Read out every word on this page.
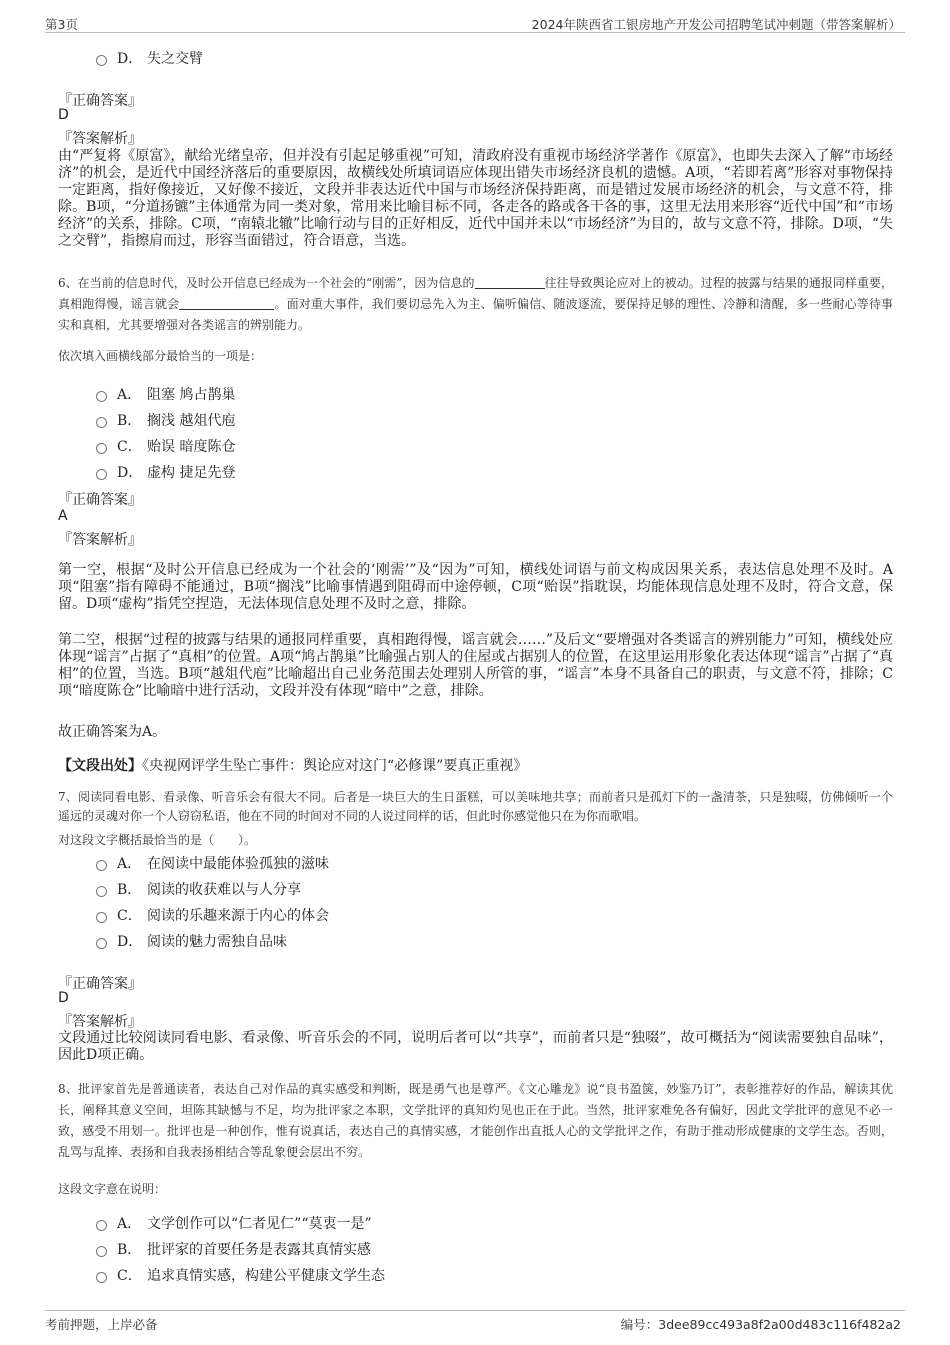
第3页	2024年陕西省工银房地产开发公司招聘笔试冲刺题（带答案解析）
D． 失之交臂
『正确答案』
D
『答案解析』

由“严复将《原富》，献给光绪皇帝，但并没有引起足够重视”可知，清政府没有重视市场经济学著作《原富》，也即失去深入了解“市场经济”的机会，是近代中国经济落后的重要原因，故横线处所填词语应体现出错失市场经济良机的遗憾。A项，“若即若离”形容对事物保持一定距离，指好像接近，又好像不接近，文段并非表达近代中国与市场经济保持距离，而是错过发展市场经济的机会，与文意不符，排除。B项，“分道扬镳”主体通常为同一类对象，常用来比喻目标不同，各走各的路或各干各的事，这里无法用来形容“近代中国”和“市场经济”的关系，排除。C项，“南辕北辙”比喻行动与目的正好相反，近代中国并未以“市场经济”为目的，故与文意不符，排除。D项，“失之交臂”，指擦肩而过，形容当面错过，符合语意，当选。

6、在当前的信息时代，及时公开信息已经成为一个社会的“刚需”，因为信息的	往往导致舆论应对上的被动。过程的披露与结果的通报同样重要，真相跑得慢，谣言就会	。面对重大事件，我们要切忌先入为主、偏听偏信、随波逐流，要保持足够的理性、冷静和清醒，多一些耐心等待事实和真相，尤其要增强对各类谣言的辨别能力。

依次填入画横线部分最恰当的一项是：
A． 阻塞 鸠占鹊巢
B． 搁浅 越俎代庖
C． 贻误 暗度陈仓
D． 虚构 捷足先登
『正确答案』
A
『答案解析』

第一空，根据“及时公开信息已经成为一个社会的‘刚需’”及“因为”可知，横线处词语与前文构成因果关系，表达信息处理不及时。A项“阻塞”指有障碍不能通过，B项“搁浅”比喻事情遇到阻碍而中途停顿，C项“贻误”指耽误，均能体现信息处理不及时，符合文意，保留。D项“虚构”指凭空捏造，无法体现信息处理不及时之意，排除。

第二空，根据“过程的披露与结果的通报同样重要，真相跑得慢，谣言就会……”及后文“要增强对各类谣言的辨别能力”可知，横线处应体现“谣言”占据了“真相”的位置。A项“鸠占鹊巢”比喻强占别人的住屋或占据别人的位置，在这里运用形象化表达体现“谣言”占据了“真相”的位置，当选。B项“越俎代庖”比喻超出自己业务范围去处理别人所管的事，“谣言”本身不具备自己的职责，与文意不符，排除；C项“暗度陈仓”比喻暗中进行活动，文段并没有体现“暗中”之意，排除。

故正确答案为A。
【文段出处】《央视网评学生坠亡事件：舆论应对这门“必修课”要真正重视》

7、阅读同看电影、看录像、听音乐会有很大不同。后者是一块巨大的生日蛋糕，可以美味地共享；而前者只是孤灯下的一盏清茶，只是独啜，仿佛倾听一个遥远的灵魂对你一个人窃窃私语，他在不同的时间对不同的人说过同样的话，但此时你感觉他只在为你而歌唱。

对这段文字概括最恰当的是（　　）。
A． 在阅读中最能体验孤独的滋味
B． 阅读的收获难以与人分享
C． 阅读的乐趣来源于内心的体会
D． 阅读的魅力需独自品味
『正确答案』
D
『答案解析』

文段通过比较阅读同看电影、看录像、听音乐会的不同，说明后者可以“共享”，而前者只是“独啜”，故可概括为“阅读需要独自品味”，因此D项正确。

8、批评家首先是普通读者，表达自己对作品的真实感受和判断，既是勇气也是尊严。《文心雕龙》说“良书盈箧，妙鉴乃订”，表彰推荐好的作品，解读其优长，阐释其意义空间，坦陈其缺憾与不足，均为批评家之本职，文学批评的真知灼见也正在于此。当然，批评家难免各有偏好，因此文学批评的意见不必一致，感受不用划一。批评也是一种创作，惟有说真话，表达自己的真情实感，才能创作出直抵人心的文学批评之作，有助于推动形成健康的文学生态。否则，乱骂与乱捧、表扬和自我表扬相结合等乱象便会层出不穷。

这段文字意在说明：
A． 文学创作可以“仁者见仁”“莫衷一是”
B． 批评家的首要任务是表露其真情实感
C． 追求真情实感，构建公平健康文学生态
考前押题，上岸必备	编号：3dee89cc493a8f2a00d483c116f482a2
